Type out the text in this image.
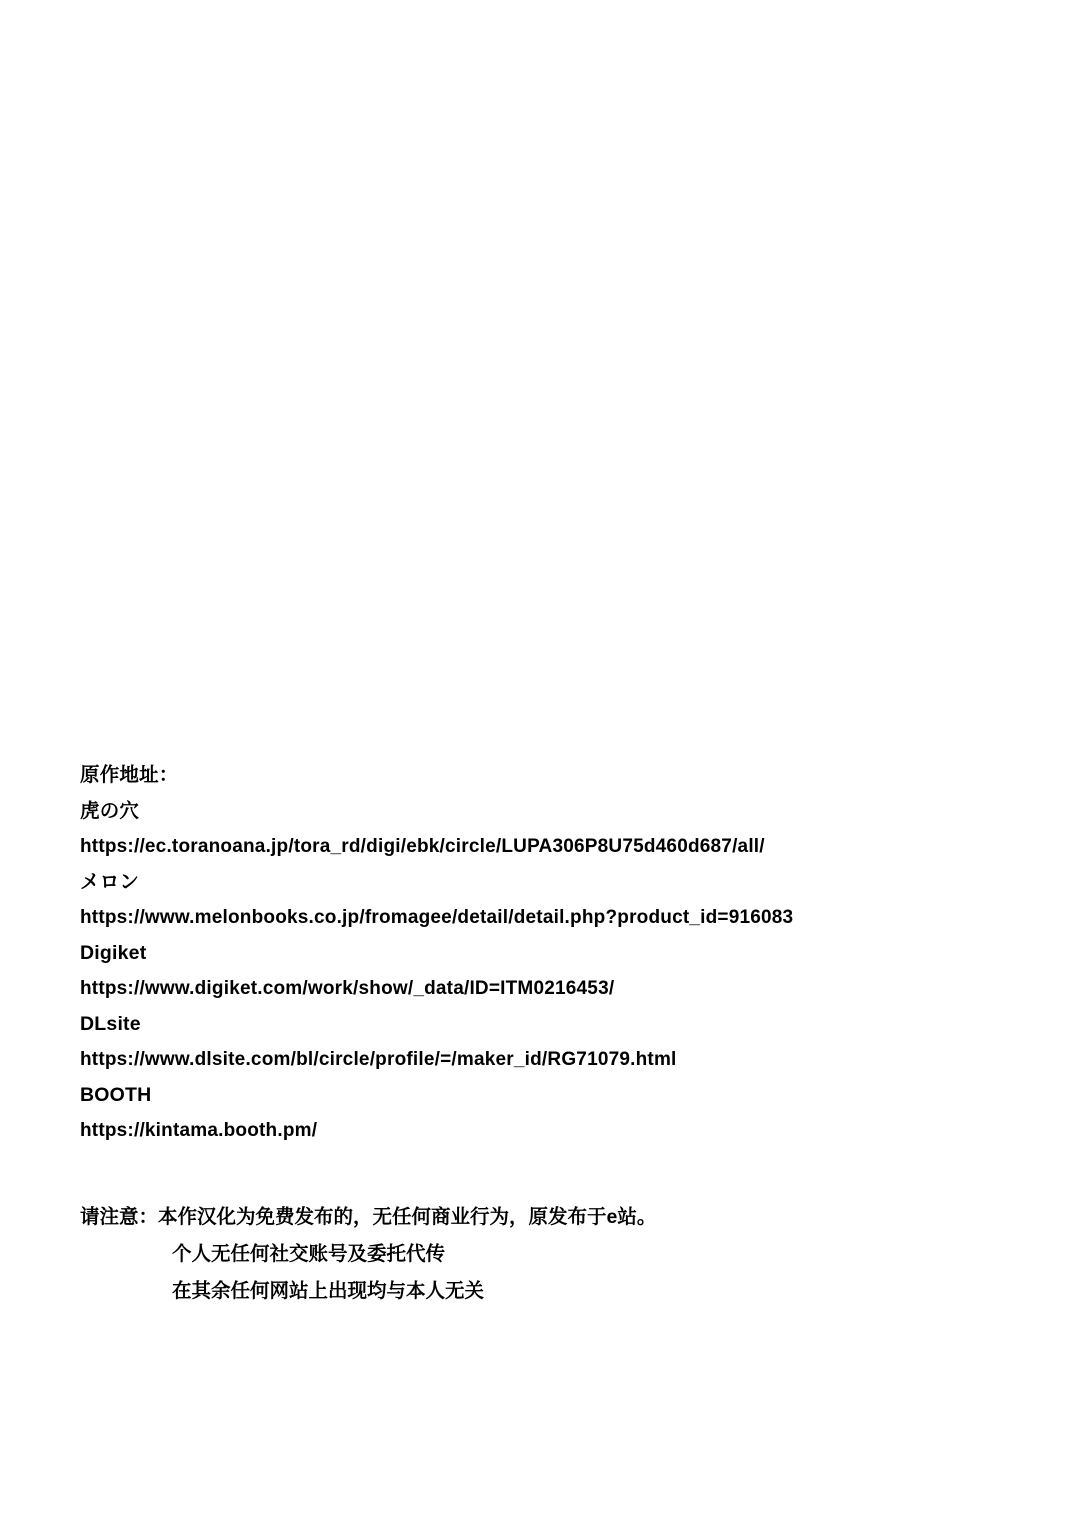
原作地址：
虎の穴
https://ec.toranoana.jp/tora_rd/digi/ebk/circle/LUPA306P8U75d460d687/all/
メロン
https://www.melonbooks.co.jp/fromagee/detail/detail.php?product_id=916083
Digiket
https://www.digiket.com/work/show/_data/ID=ITM0216453/
DLsite
https://www.dlsite.com/bl/circle/profile/=/maker_id/RG71079.html
BOOTH
https://kintama.booth.pm/
请注意：本作汉化为免费发布的，无任何商业行为，原发布于e站。
个人无任何社交账号及委托代传
在其余任何网站上出现均与本人无关
